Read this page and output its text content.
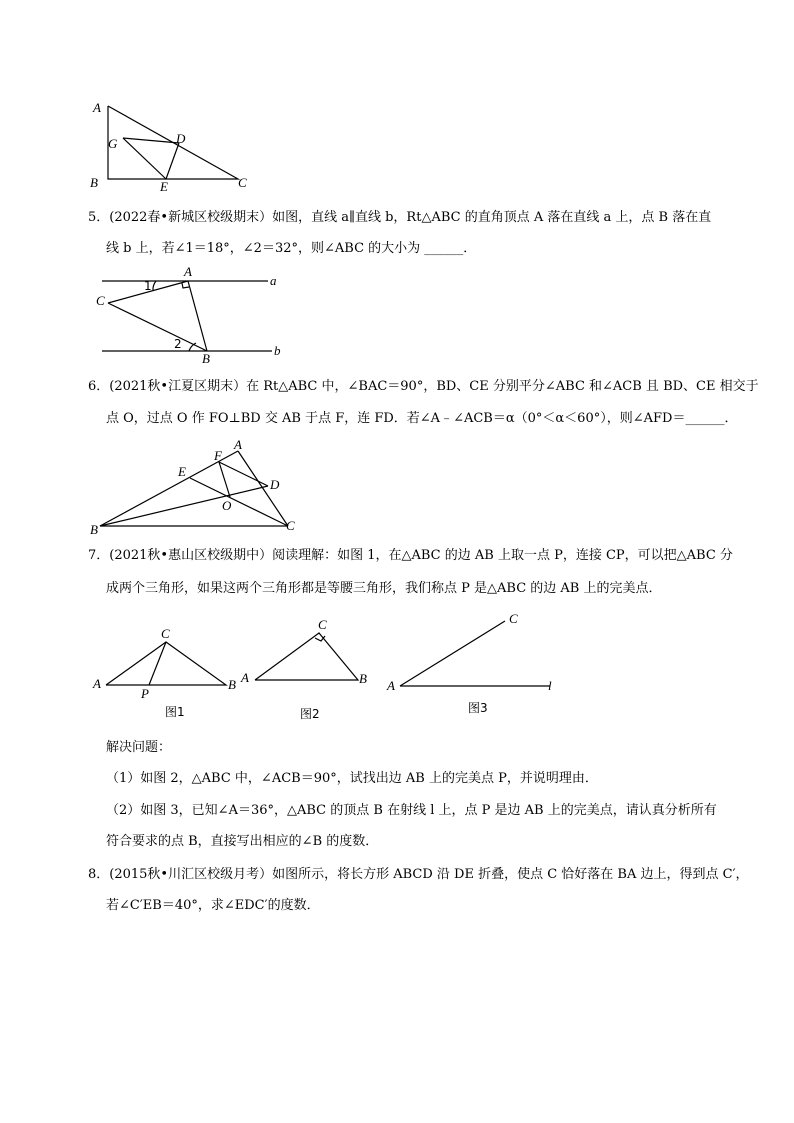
A
G	D
B	E	C
5．(2022春•新城区校级期末）如图，直线 a∥直线 b，Rt△ABC 的直角顶点 A 落在直线 a 上，点 B 落在直
线 b 上，若∠1＝18°，∠2＝32°，则∠ABC 的大小为 ______．
A
a
C
1
2
B
b
6．(2021秋•江夏区期末）在 Rt△ABC 中，∠BAC＝90°，BD、CE 分别平分∠ABC 和∠ACB 且 BD、CE 相交于
点 O，过点 O 作 FO⊥BD 交 AB 于点 F，连 FD．若∠A﹣∠ACB＝α（0°＜α＜60°），则∠AFD＝______．
A
E
F
D
O
B	C
7．(2021秋•惠山区校级期中）阅读理解：如图 1，在△ABC 的边 AB 上取一点 P，连接 CP，可以把△ABC 分
成两个三角形，如果这两个三角形都是等腰三角形，我们称点 P 是△ABC 的边 AB 上的完美点．
A
C
P
B
图1
A
C
B
图2
A
C
l
图3
解决问题：
（1）如图 2，△ABC 中，∠ACB＝90°，试找出边 AB 上的完美点 P，并说明理由．
（2）如图 3，已知∠A＝36°，△ABC 的顶点 B 在射线 l 上，点 P 是边 AB 上的完美点，请认真分析所有
符合要求的点 B，直接写出相应的∠B 的度数．
8．(2015秋•川汇区校级月考）如图所示，将长方形 ABCD 沿 DE 折叠，使点 C 恰好落在 BA 边上，得到点 C′，
若∠C′EB＝40°，求∠EDC′的度数．
